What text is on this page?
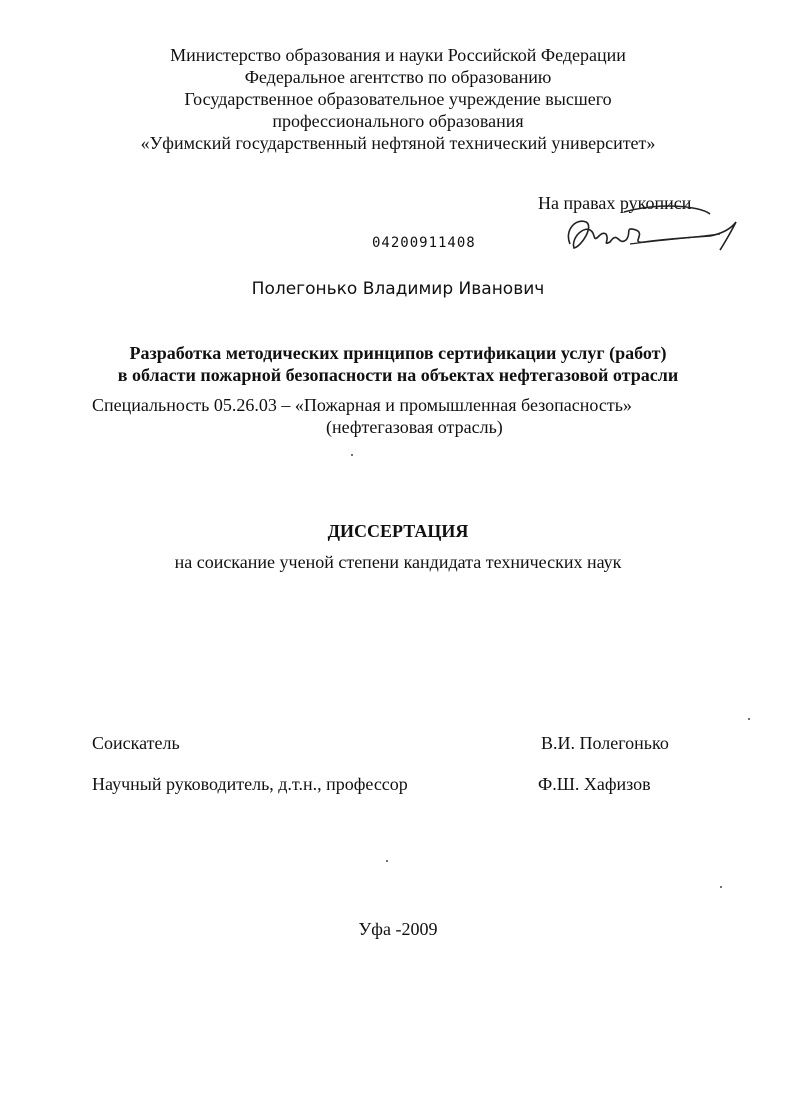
Министерство образования и науки Российской Федерации
Федеральное агентство по образованию
Государственное образовательное учреждение высшего
профессионального образования
«Уфимский государственный нефтяной технический университет»
На правах рукописи
04200911408
Полегонько Владимир Иванович
Разработка методических принципов сертификации услуг (работ)
в области пожарной безопасности на объектах нефтегазовой отрасли
Специальность 05.26.03 – «Пожарная и промышленная безопасность»
(нефтегазовая отрасль)
ДИССЕРТАЦИЯ
на соискание ученой степени кандидата технических наук
Соискатель	В.И. Полегонько
Научный руководитель, д.т.н., профессор	Ф.Ш. Хафизов
Уфа -2009
